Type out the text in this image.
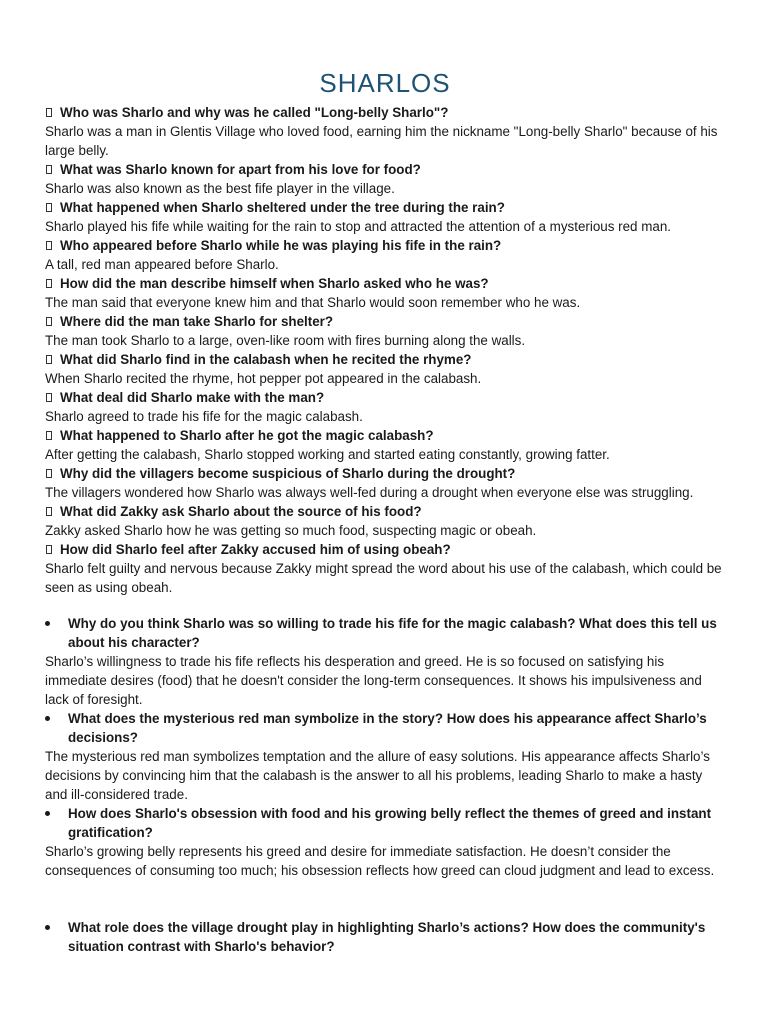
SHARLOS
Who was Sharlo and why was he called "Long-belly Sharlo"?
Sharlo was a man in Glentis Village who loved food, earning him the nickname "Long-belly Sharlo" because of his large belly.
What was Sharlo known for apart from his love for food?
Sharlo was also known as the best fife player in the village.
What happened when Sharlo sheltered under the tree during the rain?
Sharlo played his fife while waiting for the rain to stop and attracted the attention of a mysterious red man.
Who appeared before Sharlo while he was playing his fife in the rain?
A tall, red man appeared before Sharlo.
How did the man describe himself when Sharlo asked who he was?
The man said that everyone knew him and that Sharlo would soon remember who he was.
Where did the man take Sharlo for shelter?
The man took Sharlo to a large, oven-like room with fires burning along the walls.
What did Sharlo find in the calabash when he recited the rhyme?
When Sharlo recited the rhyme, hot pepper pot appeared in the calabash.
What deal did Sharlo make with the man?
Sharlo agreed to trade his fife for the magic calabash.
What happened to Sharlo after he got the magic calabash?
After getting the calabash, Sharlo stopped working and started eating constantly, growing fatter.
Why did the villagers become suspicious of Sharlo during the drought?
The villagers wondered how Sharlo was always well-fed during a drought when everyone else was struggling.
What did Zakky ask Sharlo about the source of his food?
Zakky asked Sharlo how he was getting so much food, suspecting magic or obeah.
How did Sharlo feel after Zakky accused him of using obeah?
Sharlo felt guilty and nervous because Zakky might spread the word about his use of the calabash, which could be seen as using obeah.
Why do you think Sharlo was so willing to trade his fife for the magic calabash? What does this tell us about his character?
Sharlo’s willingness to trade his fife reflects his desperation and greed. He is so focused on satisfying his immediate desires (food) that he doesn't consider the long-term consequences. It shows his impulsiveness and lack of foresight.
What does the mysterious red man symbolize in the story? How does his appearance affect Sharlo’s decisions?
The mysterious red man symbolizes temptation and the allure of easy solutions. His appearance affects Sharlo’s decisions by convincing him that the calabash is the answer to all his problems, leading Sharlo to make a hasty and ill-considered trade.
How does Sharlo's obsession with food and his growing belly reflect the themes of greed and instant gratification?
Sharlo’s growing belly represents his greed and desire for immediate satisfaction. He doesn’t consider the consequences of consuming too much; his obsession reflects how greed can cloud judgment and lead to excess.
What role does the village drought play in highlighting Sharlo’s actions? How does the community's situation contrast with Sharlo's behavior?
